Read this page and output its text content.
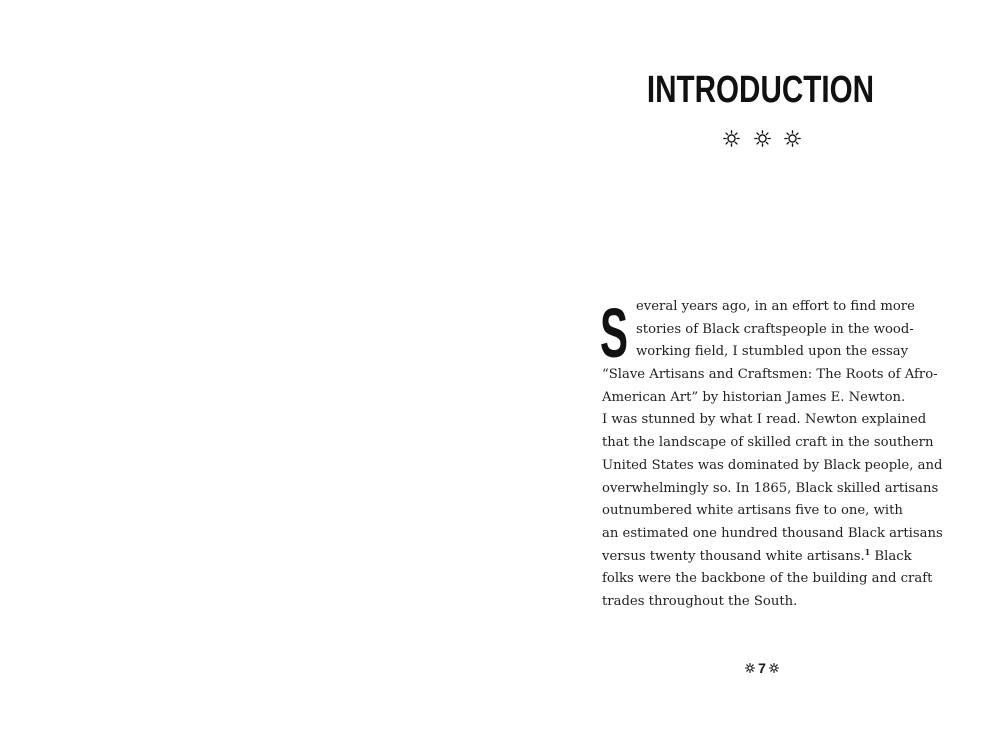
INTRODUCTION

S everal years ago, in an effort to find more
stories of Black craftspeople in the wood-
working field, I stumbled upon the essay
“Slave Artisans and Craftsmen: The Roots of Afro-
American Art” by historian James E. Newton.
I was stunned by what I read. Newton explained
that the landscape of skilled craft in the southern
United States was dominated by Black people, and
overwhelmingly so. In 1865, Black skilled artisans
outnumbered white artisans five to one, with
an estimated one hundred thousand Black artisans
versus twenty thousand white artisans.$^1$ Black
folks were the backbone of the building and craft
trades throughout the South.
7
